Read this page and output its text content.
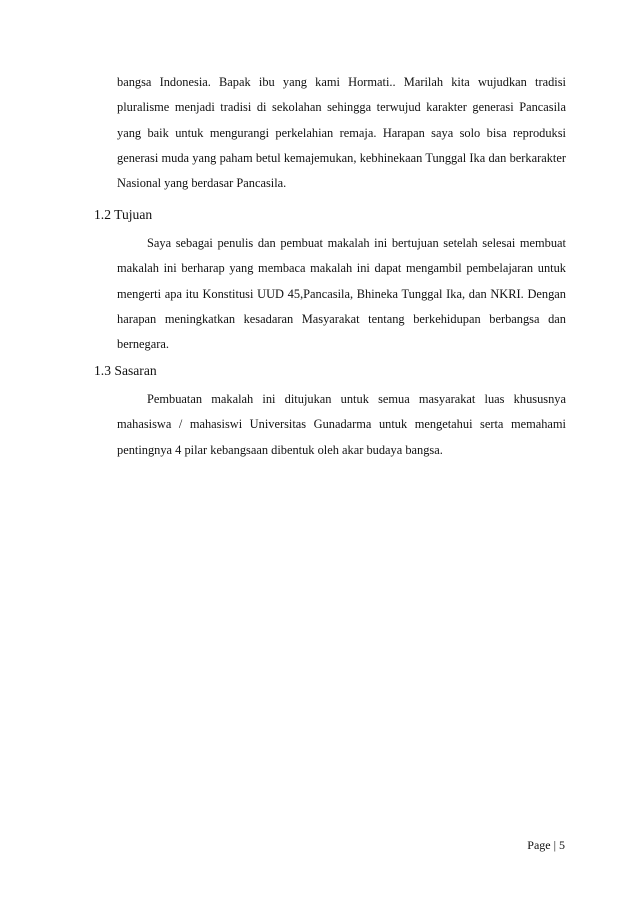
bangsa Indonesia. Bapak ibu yang kami Hormati.. Marilah kita wujudkan tradisi pluralisme menjadi tradisi di sekolahan sehingga terwujud karakter generasi Pancasila yang baik untuk mengurangi perkelahian remaja. Harapan saya solo bisa reproduksi generasi muda yang paham betul kemajemukan, kebhinekaan Tunggal Ika dan berkarakter Nasional yang berdasar Pancasila.

1.2 Tujuan

Saya sebagai penulis dan pembuat makalah ini bertujuan setelah selesai membuat makalah ini berharap yang membaca makalah ini dapat mengambil pembelajaran untuk mengerti apa itu Konstitusi UUD 45,Pancasila, Bhineka Tunggal Ika, dan NKRI. Dengan harapan meningkatkan kesadaran Masyarakat tentang berkehidupan berbangsa dan bernegara.

1.3 Sasaran

Pembuatan makalah ini ditujukan untuk semua masyarakat luas khususnya mahasiswa / mahasiswi Universitas Gunadarma untuk mengetahui serta memahami pentingnya 4 pilar kebangsaan dibentuk oleh akar budaya bangsa.

Page | 5
